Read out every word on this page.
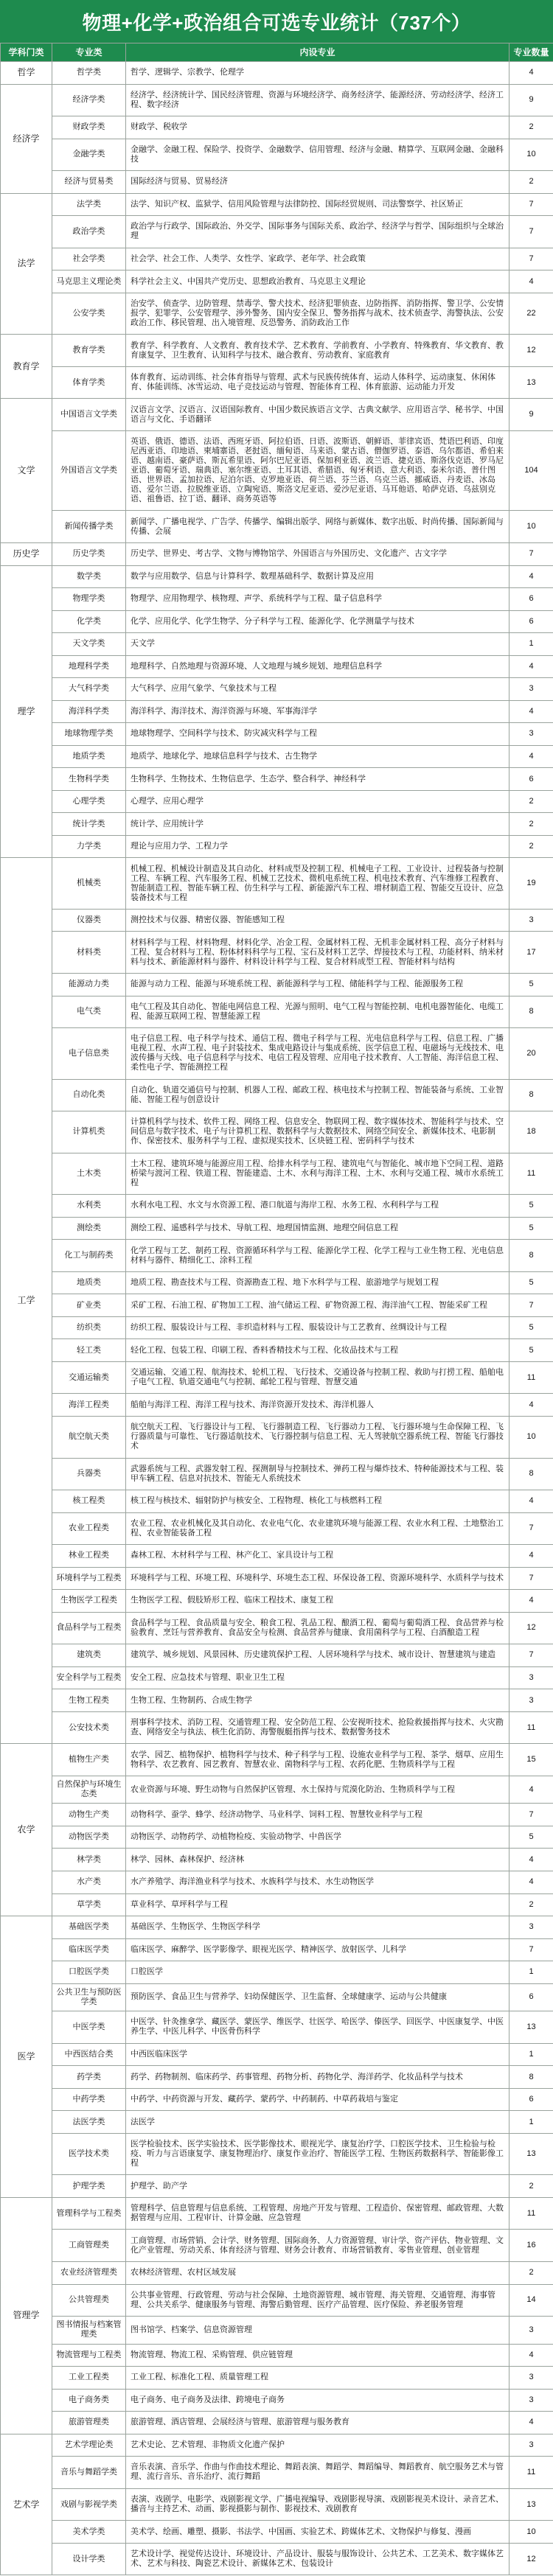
物理+化学+政治组合可选专业统计（737个）
学科门类	专业类	内设专业	专业数量
哲学	哲学类	哲学、逻辑学、宗教学、伦理学	4
经济学	经济学类	经济学、经济统计学、国民经济管理、资源与环境经济学、商务经济学、能源经济、劳动经济学、经济工程、数字经济	9
	财政学类	财政学、税收学	2
	金融学类	金融学、金融工程、保险学、投资学、金融数学、信用管理、经济与金融、精算学、互联网金融、金融科技	10
	经济与贸易类	国际经济与贸易、贸易经济	2
法学	法学类	法学、知识产权、监狱学、信用风险管理与法律防控、国际经贸规则、司法警察学、社区矫正	7
	政治学类	政治学与行政学、国际政治、外交学、国际事务与国际关系、政治学、经济学与哲学、国际组织与全球治理	7
	社会学类	社会学、社会工作、人类学、女性学、家政学、老年学、社会政策	7
	马克思主义理论类	科学社会主义、中国共产党历史、思想政治教育、马克思主义理论	4
	公安学类	治安学、侦查学、边防管理、禁毒学、警犬技术、经济犯罪侦查、边防指挥、消防指挥、警卫学、公安情报学、犯罪学、公安管理学、涉外警务、国内安全保卫、警务指挥与战术、技术侦查学、海警执法、公安政治工作、移民管理、出入境管理、反恐警务、消防政治工作	22
教育学	教育学类	教育学、科学教育、人文教育、教育技术学、艺术教育、学前教育、小学教育、特殊教育、华文教育、教育康复学、卫生教育、认知科学与技术、融合教育、劳动教育、家庭教育	12
	体育学类	体育教育、运动训练、社会体育指导与管理、武术与民族传统体育、运动人体科学、运动康复、休闲体育、体能训练、冰雪运动、电子竞技运动与管理、智能体育工程、体育旅游、运动能力开发	13
文学	中国语言文学类	汉语言文学、汉语言、汉语国际教育、中国少数民族语言文学、古典文献学、应用语言学、秘书学、中国语言与文化、手语翻译	9
	外国语言文学类	英语、俄语、德语、法语、西班牙语、阿拉伯语、日语、波斯语、朝鲜语、菲律宾语、梵语巴利语、印度尼西亚语、印地语、柬埔寨语、老挝语、缅甸语、马来语、蒙古语、僧伽罗语、泰语、乌尔都语、希伯来语、越南语、豪萨语、斯瓦希里语、阿尔巴尼亚语、保加利亚语、波兰语、捷克语、斯洛伐克语、罗马尼亚语、葡萄牙语、瑞典语、塞尔维亚语、土耳其语、希腊语、匈牙利语、意大利语、泰米尔语、普什图语、世界语、孟加拉语、尼泊尔语、克罗地亚语、荷兰语、芬兰语、乌克兰语、挪威语、丹麦语、冰岛语、爱尔兰语、拉脱维亚语、立陶宛语、斯洛文尼亚语、爱沙尼亚语、马耳他语、哈萨克语、乌兹别克语、祖鲁语、拉丁语、翻译、商务英语等	104
	新闻传播学类	新闻学、广播电视学、广告学、传播学、编辑出版学、网络与新媒体、数字出版、时尚传播、国际新闻与传播、会展	10
历史学	历史学类	历史学、世界史、考古学、文物与博物馆学、外国语言与外国历史、文化遗产、古文字学	7
理学	数学类	数学与应用数学、信息与计算科学、数理基础科学、数据计算及应用	4
	物理学类	物理学、应用物理学、核物理、声学、系统科学与工程、量子信息科学	6
	化学类	化学、应用化学、化学生物学、分子科学与工程、能源化学、化学测量学与技术	6
	天文学类	天文学	1
	地理科学类	地理科学、自然地理与资源环境、人文地理与城乡规划、地理信息科学	4
	大气科学类	大气科学、应用气象学、气象技术与工程	3
	海洋科学类	海洋科学、海洋技术、海洋资源与环境、军事海洋学	4
	地球物理学类	地球物理学、空间科学与技术、防灾减灾科学与工程	3
	地质学类	地质学、地球化学、地球信息科学与技术、古生物学	4
	生物科学类	生物科学、生物技术、生物信息学、生态学、整合科学、神经科学	6
	心理学类	心理学、应用心理学	2
	统计学类	统计学、应用统计学	2
	力学类	理论与应用力学、工程力学	2
工学	机械类	机械工程、机械设计制造及其自动化、材料成型及控制工程、机械电子工程、工业设计、过程装备与控制工程、车辆工程、汽车服务工程、机械工艺技术、微机电系统工程、机电技术教育、汽车维修工程教育、智能制造工程、智能车辆工程、仿生科学与工程、新能源汽车工程、增材制造工程、智能交互设计、应急装备技术与工程	19
	仪器类	测控技术与仪器、精密仪器、智能感知工程	3
	材料类	材料科学与工程、材料物理、材料化学、冶金工程、金属材料工程、无机非金属材料工程、高分子材料与工程、复合材料与工程、粉体材料科学与工程、宝石及材料工艺学、焊接技术与工程、功能材料、纳米材料与技术、新能源材料与器件、材料设计科学与工程、复合材料成型工程、智能材料与结构	17
	能源动力类	能源与动力工程、能源与环境系统工程、新能源科学与工程、储能科学与工程、能源服务工程	5
	电气类	电气工程及其自动化、智能电网信息工程、光源与照明、电气工程与智能控制、电机电器智能化、电缆工程、能源互联网工程、智慧能源工程	8
	电子信息类	电子信息工程、电子科学与技术、通信工程、微电子科学与工程、光电信息科学与工程、信息工程、广播电视工程、水声工程、电子封装技术、集成电路设计与集成系统、医学信息工程、电磁场与无线技术、电波传播与天线、电子信息科学与技术、电信工程及管理、应用电子技术教育、人工智能、海洋信息工程、柔性电子学、智能测控工程	20
	自动化类	自动化、轨道交通信号与控制、机器人工程、邮政工程、核电技术与控制工程、智能装备与系统、工业智能、智能工程与创意设计	8
	计算机类	计算机科学与技术、软件工程、网络工程、信息安全、物联网工程、数字媒体技术、智能科学与技术、空间信息与数字技术、电子与计算机工程、数据科学与大数据技术、网络空间安全、新媒体技术、电影制作、保密技术、服务科学与工程、虚拟现实技术、区块链工程、密码科学与技术	18
	土木类	土木工程、建筑环境与能源应用工程、给排水科学与工程、建筑电气与智能化、城市地下空间工程、道路桥梁与渡河工程、铁道工程、智能建造、土木、水利与海洋工程、土木、水利与交通工程、城市水系统工程	11
	水利类	水利水电工程、水文与水资源工程、港口航道与海岸工程、水务工程、水利科学与工程	5
	测绘类	测绘工程、遥感科学与技术、导航工程、地理国情监测、地理空间信息工程	5
	化工与制药类	化学工程与工艺、制药工程、资源循环科学与工程、能源化学工程、化学工程与工业生物工程、光电信息材料与器件、精细化工、涂料工程	8
	地质类	地质工程、勘查技术与工程、资源勘查工程、地下水科学与工程、旅游地学与规划工程	5
	矿业类	采矿工程、石油工程、矿物加工工程、油气储运工程、矿物资源工程、海洋油气工程、智能采矿工程	7
	纺织类	纺织工程、服装设计与工程、非织造材料与工程、服装设计与工艺教育、丝绸设计与工程	5
	轻工类	轻化工程、包装工程、印刷工程、香料香精技术与工程、化妆品技术与工程	5
	交通运输类	交通运输、交通工程、航海技术、轮机工程、飞行技术、交通设备与控制工程、救助与打捞工程、船舶电子电气工程、轨道交通电气与控制、邮轮工程与管理、智慧交通	11
	海洋工程类	船舶与海洋工程、海洋工程与技术、海洋资源开发技术、海洋机器人	4
	航空航天类	航空航天工程、飞行器设计与工程、飞行器制造工程、飞行器动力工程、飞行器环境与生命保障工程、飞行器质量与可靠性、飞行器适航技术、飞行器控制与信息工程、无人驾驶航空器系统工程、智能飞行器技术	10
	兵器类	武器系统与工程、武器发射工程、探测制导与控制技术、弹药工程与爆炸技术、特种能源技术与工程、装甲车辆工程、信息对抗技术、智能无人系统技术	8
	核工程类	核工程与核技术、辐射防护与核安全、工程物理、核化工与核燃料工程	4
	农业工程类	农业工程、农业机械化及其自动化、农业电气化、农业建筑环境与能源工程、农业水利工程、土地整治工程、农业智能装备工程	7
	林业工程类	森林工程、木材科学与工程、林产化工、家具设计与工程	4
	环境科学与工程类	环境科学与工程、环境工程、环境科学、环境生态工程、环保设备工程、资源环境科学、水质科学与技术	7
	生物医学工程类	生物医学工程、假肢矫形工程、临床工程技术、康复工程	4
	食品科学与工程类	食品科学与工程、食品质量与安全、粮食工程、乳品工程、酿酒工程、葡萄与葡萄酒工程、食品营养与检验教育、烹饪与营养教育、食品安全与检测、食品营养与健康、食用菌科学与工程、白酒酿造工程	12
	建筑类	建筑学、城乡规划、风景园林、历史建筑保护工程、人居环境科学与技术、城市设计、智慧建筑与建造	7
	安全科学与工程类	安全工程、应急技术与管理、职业卫生工程	3
	生物工程类	生物工程、生物制药、合成生物学	3
	公安技术类	刑事科学技术、消防工程、交通管理工程、安全防范工程、公安视听技术、抢险救援指挥与技术、火灾勘查、网络安全与执法、核生化消防、海警舰艇指挥与技术、数据警务技术	11
农学	植物生产类	农学、园艺、植物保护、植物科学与技术、种子科学与工程、设施农业科学与工程、茶学、烟草、应用生物科学、农艺教育、园艺教育、智慧农业、菌物科学与工程、农药化肥、生物质科学与工程	15
	自然保护与环境生态类	农业资源与环境、野生动物与自然保护区管理、水土保持与荒漠化防治、生物质科学与工程	4
	动物生产类	动物科学、蚕学、蜂学、经济动物学、马业科学、饲料工程、智慧牧业科学与工程	7
	动物医学类	动物医学、动物药学、动植物检疫、实验动物学、中兽医学	5
	林学类	林学、园林、森林保护、经济林	4
	水产类	水产养殖学、海洋渔业科学与技术、水族科学与技术、水生动物医学	4
	草学类	草业科学、草坪科学与工程	2
医学	基础医学类	基础医学、生物医学、生物医学科学	3
	临床医学类	临床医学、麻醉学、医学影像学、眼视光医学、精神医学、放射医学、儿科学	7
	口腔医学类	口腔医学	1
	公共卫生与预防医学类	预防医学、食品卫生与营养学、妇幼保健医学、卫生监督、全球健康学、运动与公共健康	6
	中医学类	中医学、针灸推拿学、藏医学、蒙医学、维医学、壮医学、哈医学、傣医学、回医学、中医康复学、中医养生学、中医儿科学、中医骨伤科学	13
	中西医结合类	中西医临床医学	1
	药学类	药学、药物制剂、临床药学、药事管理、药物分析、药物化学、海洋药学、化妆品科学与技术	8
	中药学类	中药学、中药资源与开发、藏药学、蒙药学、中药制药、中草药栽培与鉴定	6
	法医学类	法医学	1
	医学技术类	医学检验技术、医学实验技术、医学影像技术、眼视光学、康复治疗学、口腔医学技术、卫生检验与检疫、听力与言语康复学、康复物理治疗、康复作业治疗、智能医学工程、生物医药数据科学、智能影像工程	13
	护理学类	护理学、助产学	2
管理学	管理科学与工程类	管理科学、信息管理与信息系统、工程管理、房地产开发与管理、工程造价、保密管理、邮政管理、大数据管理与应用、工程审计、计算金融、应急管理	11
	工商管理类	工商管理、市场营销、会计学、财务管理、国际商务、人力资源管理、审计学、资产评估、物业管理、文化产业管理、劳动关系、体育经济与管理、财务会计教育、市场营销教育、零售业管理、创业管理	16
	农业经济管理类	农林经济管理、农村区域发展	2
	公共管理类	公共事业管理、行政管理、劳动与社会保障、土地资源管理、城市管理、海关管理、交通管理、海事管理、公共关系学、健康服务与管理、海警后勤管理、医疗产品管理、医疗保险、养老服务管理	14
	图书情报与档案管理类	图书馆学、档案学、信息资源管理	3
	物流管理与工程类	物流管理、物流工程、采购管理、供应链管理	4
	工业工程类	工业工程、标准化工程、质量管理工程	3
	电子商务类	电子商务、电子商务及法律、跨境电子商务	3
	旅游管理类	旅游管理、酒店管理、会展经济与管理、旅游管理与服务教育	4
艺术学	艺术学理论类	艺术史论、艺术管理、非物质文化遗产保护	3
	音乐与舞蹈学类	音乐表演、音乐学、作曲与作曲技术理论、舞蹈表演、舞蹈学、舞蹈编导、舞蹈教育、航空服务艺术与管理、流行音乐、音乐治疗、流行舞蹈	11
	戏剧与影视学类	表演、戏剧学、电影学、戏剧影视文学、广播电视编导、戏剧影视导演、戏剧影视美术设计、录音艺术、播音与主持艺术、动画、影视摄影与制作、影视技术、戏剧教育	13
	美术学类	美术学、绘画、雕塑、摄影、书法学、中国画、实验艺术、跨媒体艺术、文物保护与修复、漫画	10
	设计学类	艺术设计学、视觉传达设计、环境设计、产品设计、服装与服饰设计、公共艺术、工艺美术、数字媒体艺术、艺术与科技、陶瓷艺术设计、新媒体艺术、包装设计	12
